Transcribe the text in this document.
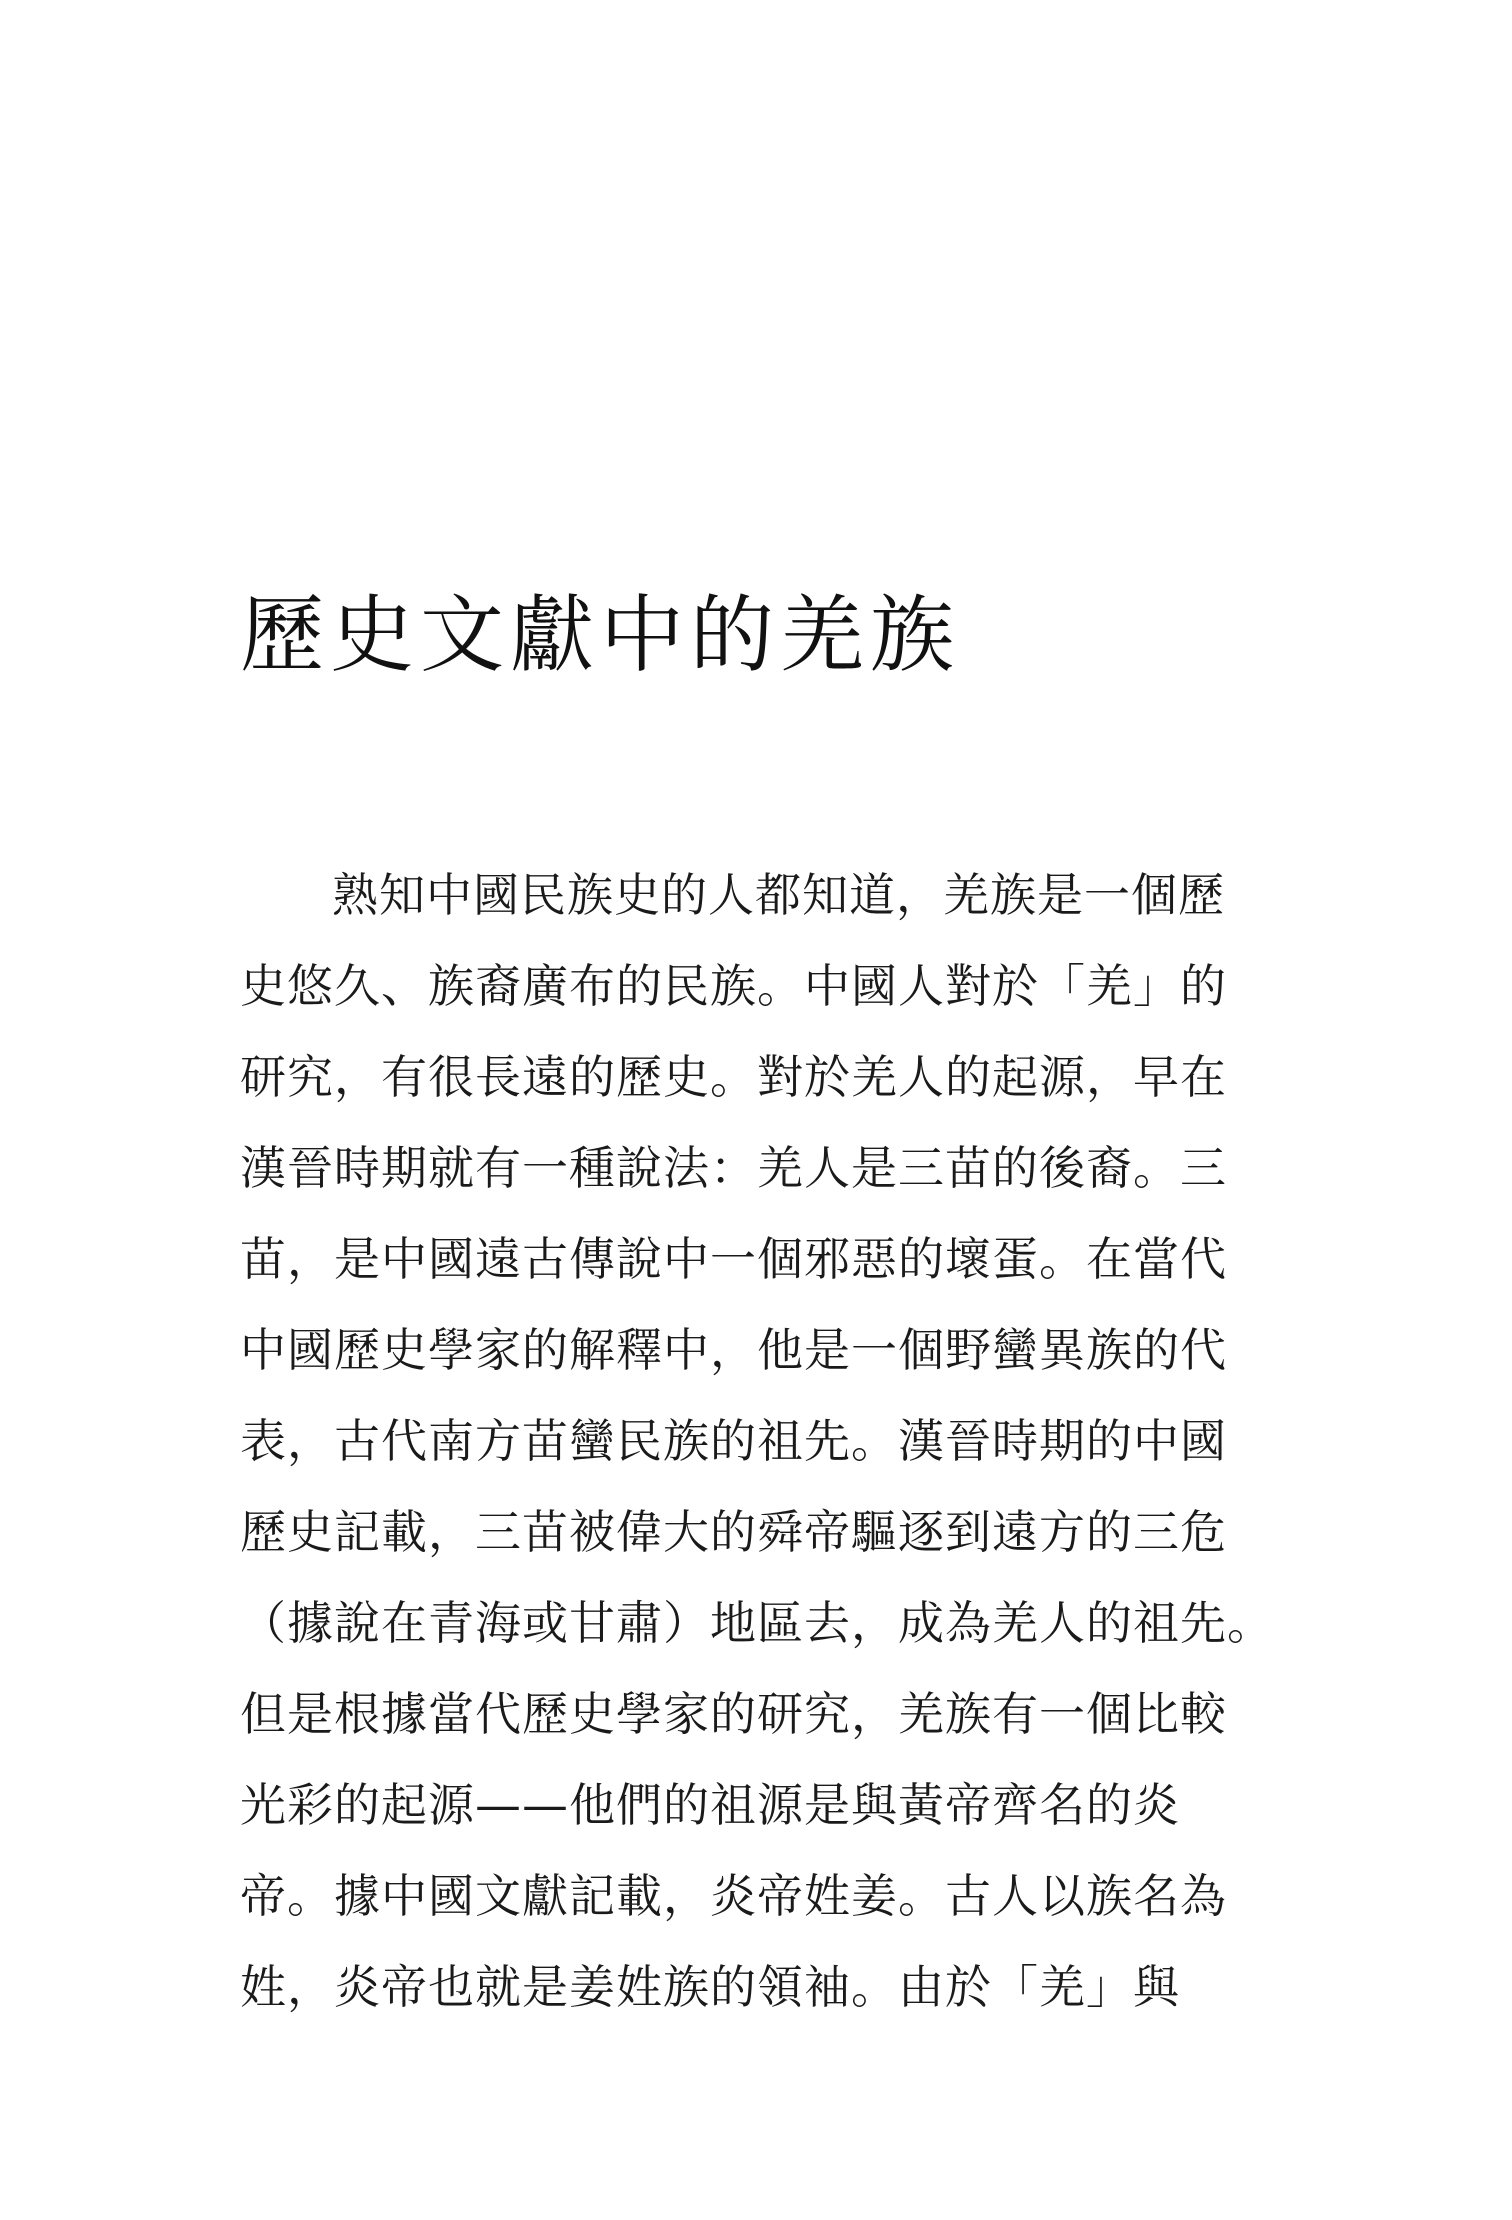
歷史文獻中的羌族
熟知中國民族史的人都知道，羌族是一個歷
史悠久、族裔廣布的民族。中國人對於「羌」的
研究，有很長遠的歷史。對於羌人的起源，早在
漢晉時期就有一種說法：羌人是三苗的後裔。三
苗，是中國遠古傳說中一個邪惡的壞蛋。在當代
中國歷史學家的解釋中，他是一個野蠻異族的代
表，古代南方苗蠻民族的祖先。漢晉時期的中國
歷史記載，三苗被偉大的舜帝驅逐到遠方的三危
（據說在青海或甘肅）地區去，成為羌人的祖先。
但是根據當代歷史學家的研究，羌族有一個比較
光彩的起源——他們的祖源是與黃帝齊名的炎
帝。據中國文獻記載，炎帝姓姜。古人以族名為
姓，炎帝也就是姜姓族的領袖。由於「羌」與
